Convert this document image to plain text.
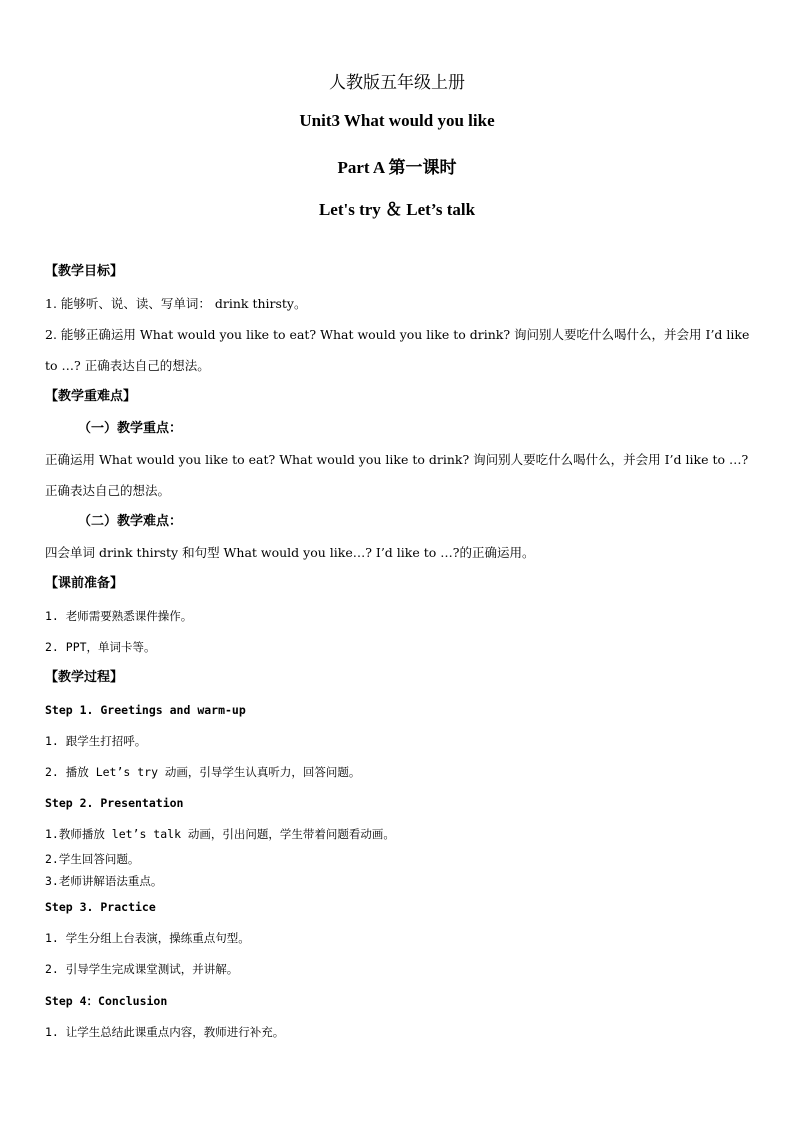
人教版五年级上册
Unit3 What would you like
Part A 第一课时
Let's try ＆ Let’s talk
【教学目标】
1. 能够听、说、读、写单词： drink thirsty。
2. 能够正确运用 What would you like to eat? What would you like to drink? 询问别人要吃什么喝什么，并会用 I’d like
to …? 正确表达自己的想法。
【教学重难点】
（一）教学重点：
正确运用 What would you like to eat? What would you like to drink? 询问别人要吃什么喝什么，并会用 I’d like to …?
正确表达自己的想法。
（二）教学难点：
四会单词 drink thirsty 和句型 What would you like…? I’d like to …?的正确运用。
【课前准备】
1. 老师需要熟悉课件操作。
2. PPT，单词卡等。
【教学过程】
Step 1. Greetings and warm-up
1. 跟学生打招呼。
2. 播放 Let’s try 动画，引导学生认真听力，回答问题。
Step 2. Presentation
1.教师播放 let’s talk 动画，引出问题，学生带着问题看动画。
2.学生回答问题。
3.老师讲解语法重点。
Step 3. Practice
1. 学生分组上台表演，操练重点句型。
2. 引导学生完成课堂测试，并讲解。
Step 4：Conclusion
1. 让学生总结此课重点内容，教师进行补充。
